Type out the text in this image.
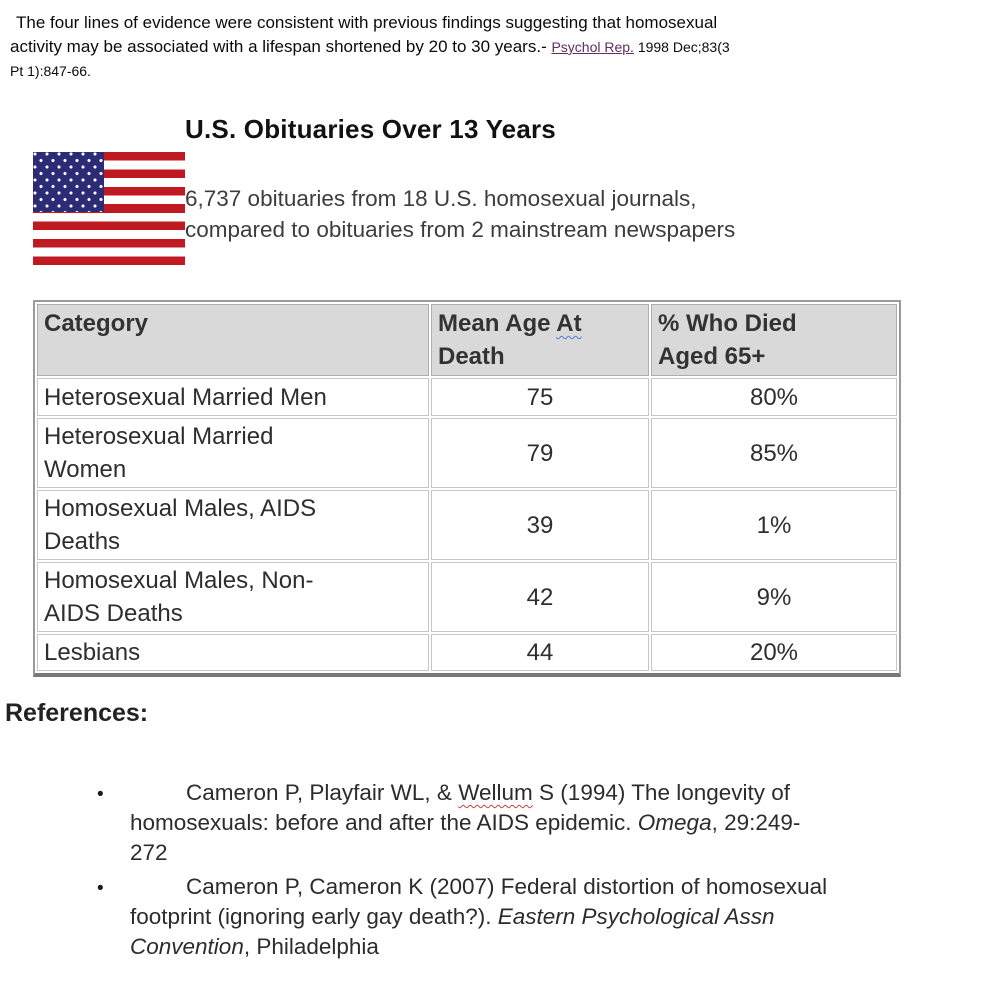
The four lines of evidence were consistent with previous findings suggesting that homosexual
activity may be associated with a lifespan shortened by 20 to 30 years.- Psychol Rep. 1998 Dec;83(3
Pt 1):847-66.
U.S. Obituaries Over 13 Years
6,737 obituaries from 18 U.S. homosexual journals,
compared to obituaries from 2 mainstream newspapers
Category	Mean Age At Death	% Who Died Aged 65+
Heterosexual Married Men	75	80%
Heterosexual Married Women	79	85%
Homosexual Males, AIDS Deaths	39	1%
Homosexual Males, Non-AIDS Deaths	42	9%
Lesbians	44	20%
References:
•	Cameron P, Playfair WL, & Wellum S (1994) The longevity of
homosexuals: before and after the AIDS epidemic. Omega, 29:249-
272
•	Cameron P, Cameron K (2007) Federal distortion of homosexual
footprint (ignoring early gay death?). Eastern Psychological Assn
Convention, Philadelphia
